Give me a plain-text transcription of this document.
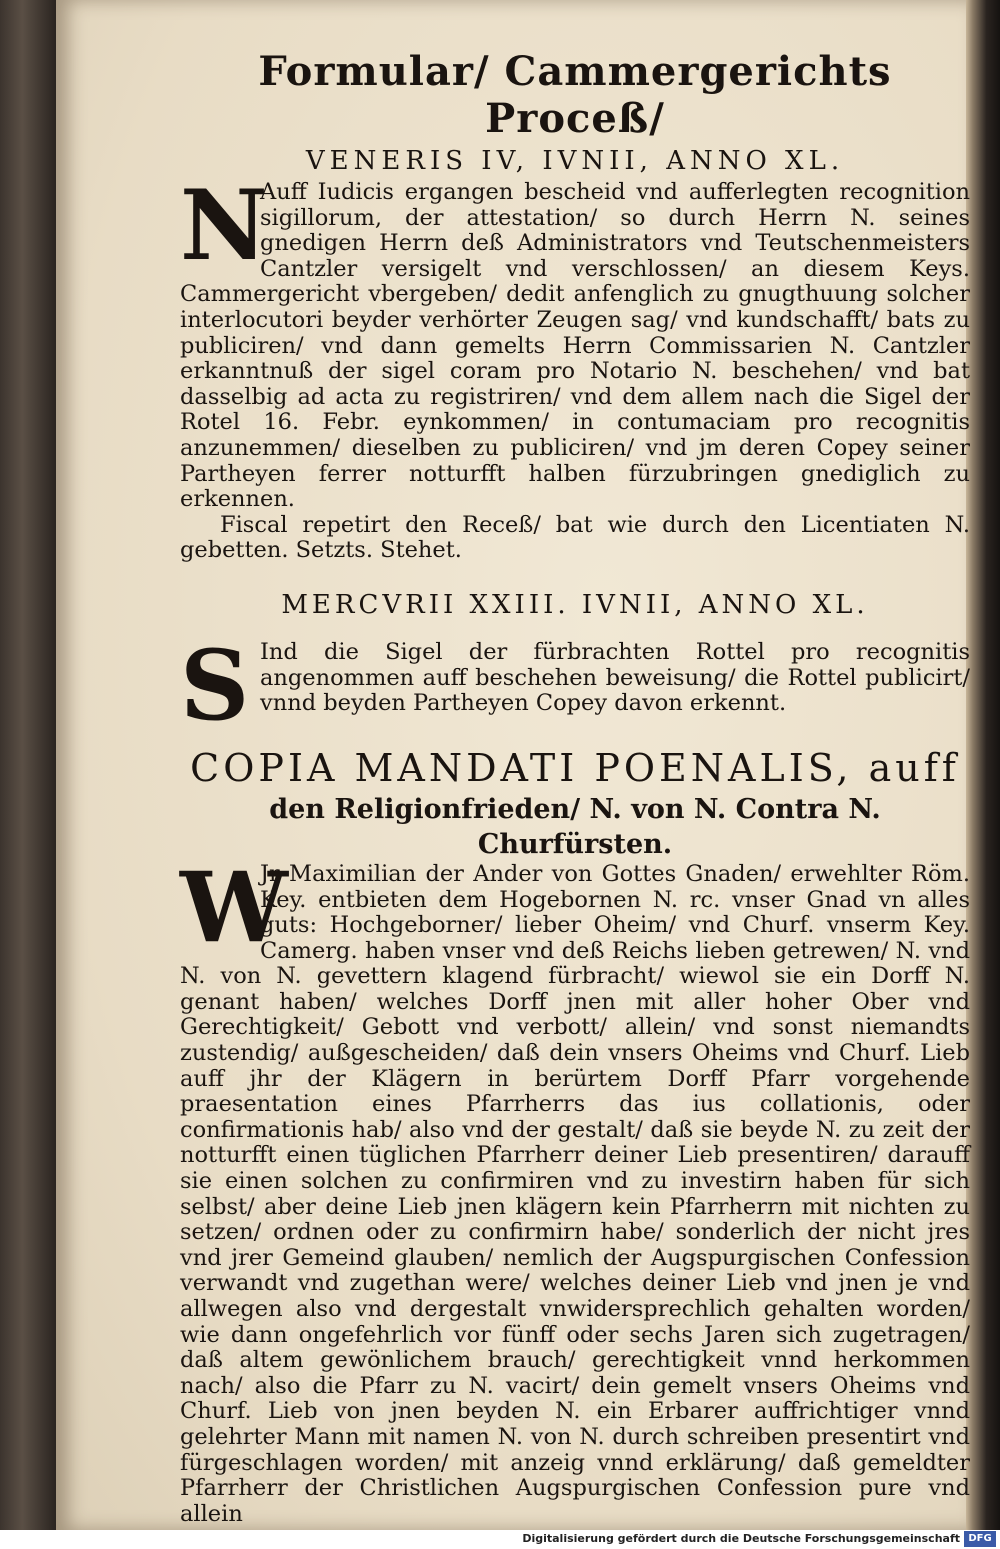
Formular/ Cammergerichts Proceß/
VENERIS IV, IVNII, ANNO XL.
N

Auff Iudicis ergangen bescheid vnd aufferlegten recognition sigillorum, der attestation/ so durch Herrn N. seines gnedigen Herrn deß Administrators vnd Teutschenmeisters Cantzler versigelt vnd verschlossen/ an diesem Keys. Cammergericht vbergeben/ dedit anfenglich zu gnugthuung solcher interlocutori beyder verhörter Zeugen sag/ vnd kundschafft/ bats zu publiciren/ vnd dann gemelts Herrn Commissarien N. Cantzler erkanntnuß der sigel coram pro Notario N. beschehen/ vnd bat dasselbig ad acta zu registriren/ vnd dem allem nach die Sigel der Rotel 16. Febr. eynkommen/ in contumaciam pro recognitis anzunemmen/ dieselben zu publiciren/ vnd jm deren Copey seiner Partheyen ferrer notturfft halben fürzubringen gnediglich zu erkennen.

Fiscal repetirt den Receß/ bat wie durch den Licentiaten N. gebetten. Setzts. Stehet.

MERCVRII XXIII. IVNII, ANNO XL.
S Ind die Sigel der fürbrachten Rottel pro recognitis angenommen auff beschehen beweisung/ die Rottel publicirt/ vnnd beyden Partheyen Copey davon erkennt.

COPIA MANDATI POENALIS, auff
den Religionfrieden/ N. von N. Contra N.
Churfürsten.
W

Jr Maximilian der Ander von Gottes Gnaden/ erwehlter Röm. Key. entbieten dem Hogebornen N. rc. vnser Gnad vn alles guts: Hochgeborner/ lieber Oheim/ vnd Churf. vnserm Key. Camerg. haben vnser vnd deß Reichs lieben getrewen/ N. vnd N. von N. gevettern klagend fürbracht/ wiewol sie ein Dorff N. genant haben/ welches Dorff jnen mit aller hoher Ober vnd Gerechtigkeit/ Gebott vnd verbott/ allein/ vnd sonst niemandts zustendig/ außgescheiden/ daß dein vnsers Oheims vnd Churf. Lieb auff jhr der Klägern in berürtem Dorff Pfarr vorgehende praesentation eines Pfarrherrs das ius collationis, oder confirmationis hab/ also vnd der gestalt/ daß sie beyde N. zu zeit der notturfft einen tüglichen Pfarrherr deiner Lieb presentiren/ darauff sie einen solchen zu confirmiren vnd zu investirn haben für sich selbst/ aber deine Lieb jnen klägern kein Pfarrherrn mit nichten zu setzen/ ordnen oder zu confirmirn habe/ sonderlich der nicht jres vnd jrer Gemeind glauben/ nemlich der Augspurgischen Confession verwandt vnd zugethan were/ welches deiner Lieb vnd jnen je vnd allwegen also vnd dergestalt vnwidersprechlich gehalten worden/ wie dann ongefehrlich vor fünff oder sechs Jaren sich zugetragen/ daß altem gewönlichem brauch/ gerechtigkeit vnnd herkommen nach/ also die Pfarr zu N. vacirt/ dein gemelt vnsers Oheims vnd Churf. Lieb von jnen beyden N. ein Erbarer auffrichtiger vnnd gelehrter Mann mit namen N. von N. durch schreiben presentirt vnd fürgeschlagen worden/ mit anzeig vnnd erklärung/ daß gemeldter Pfarrherr der Christlichen Augspurgischen Confession pure vnd allein

Digitalisierung gefördert durch die Deutsche Forschungsgemeinschaft DFG
